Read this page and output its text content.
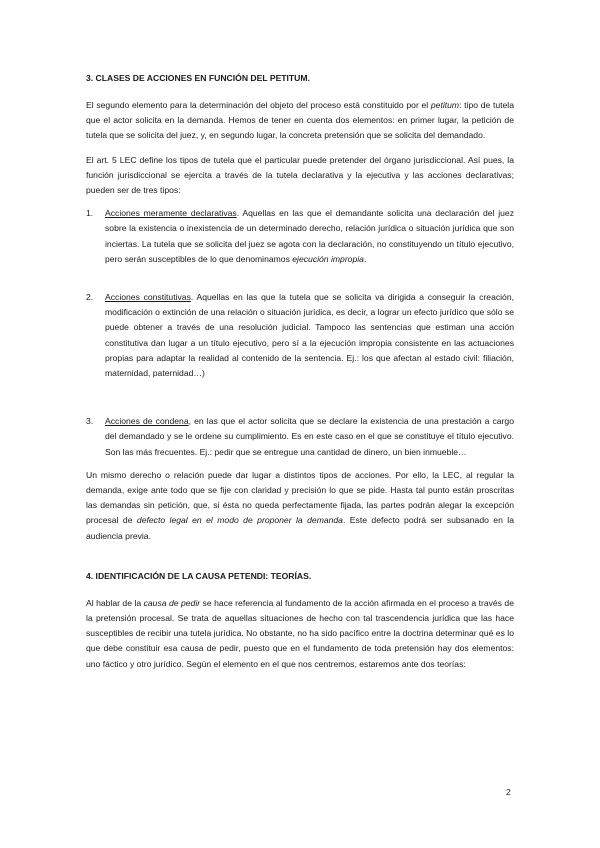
3. CLASES DE ACCIONES EN FUNCIÓN DEL PETITUM.

El segundo elemento para la determinación del objeto del proceso está constituido por el petitum: tipo de tutela que el actor solicita en la demanda. Hemos de tener en cuenta dos elementos: en primer lugar, la petición de tutela que se solicita del juez, y, en segundo lugar, la concreta pretensión que se solicita del demandado.

El art. 5 LEC define los tipos de tutela que el particular puede pretender del órgano jurisdiccional. Así pues, la función jurisdiccional se ejercita a través de la tutela declarativa y la ejecutiva y las acciones declarativas; pueden ser de tres tipos:

1. Acciones meramente declarativas. Aquellas en las que el demandante solicita una declaración del juez sobre la existencia o inexistencia de un determinado derecho, relación jurídica o situación jurídica que son inciertas. La tutela que se solicita del juez se agota con la declaración, no constituyendo un título ejecutivo, pero serán susceptibles de lo que denominamos ejecución impropia.

2. Acciones constitutivas. Aquellas en las que la tutela que se solicita va dirigida a conseguir la creación, modificación o extinción de una relación o situación jurídica, es decir, a lograr un efecto jurídico que sólo se puede obtener a través de una resolución judicial. Tampoco las sentencias que estiman una acción constitutiva dan lugar a un título ejecutivo, pero sí a la ejecución impropia consistente en las actuaciones propias para adaptar la realidad al contenido de la sentencia. Ej.: los que afectan al estado civil: filiación, maternidad, paternidad…)

3. Acciones de condena, en las que el actor solicita que se declare la existencia de una prestación a cargo del demandado y se le ordene su cumplimiento. Es en este caso en el que se constituye el título ejecutivo. Son las más frecuentes. Ej.: pedir que se entregue una cantidad de dinero, un bien inmueble…

Un mismo derecho o relación puede dar lugar a distintos tipos de acciones. Por ello, la LEC, al regular la demanda, exige ante todo que se fije con claridad y precisión lo que se pide. Hasta tal punto están proscritas las demandas sin petición, que, si ésta no queda perfectamente fijada, las partes podrán alegar la excepción procesal de defecto legal en el modo de proponer la demanda. Este defecto podrá ser subsanado en la audiencia previa.

4. IDENTIFICACIÓN DE LA CAUSA PETENDI: TEORÍAS.

Al hablar de la causa de pedir se hace referencia al fundamento de la acción afirmada en el proceso a través de la pretensión procesal. Se trata de aquellas situaciones de hecho con tal trascendencia jurídica que las hace susceptibles de recibir una tutela jurídica. No obstante, no ha sido pacífico entre la doctrina determinar qué es lo que debe constituir esa causa de pedir, puesto que en el fundamento de toda pretensión hay dos elementos: uno fáctico y otro jurídico. Según el elemento en el que nos centremos, estaremos ante dos teorías:

2
